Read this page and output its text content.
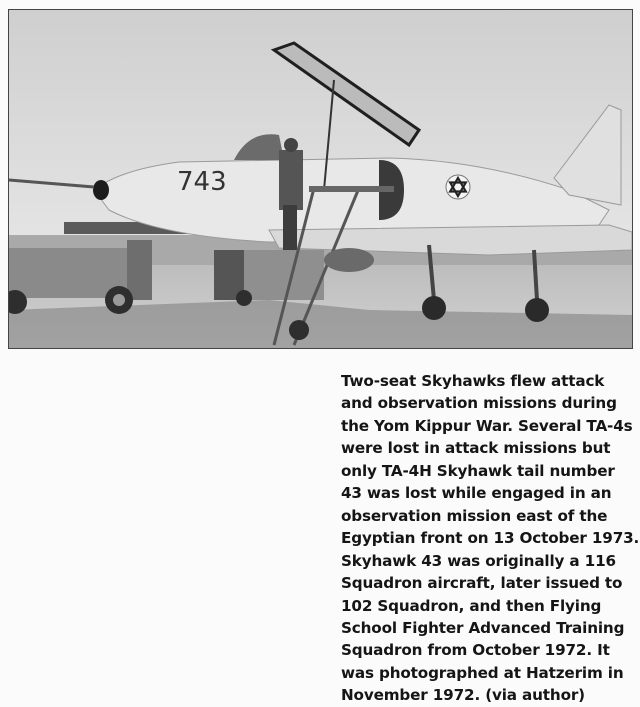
743
Two-seat Skyhawks flew attack
and observation missions during
the Yom Kippur War. Several TA-4s
were lost in attack missions but
only TA-4H Skyhawk tail number
43 was lost while engaged in an
observation mission east of the
Egyptian front on 13 October 1973.
Skyhawk 43 was originally a 116
Squadron aircraft, later issued to
102 Squadron, and then Flying
School Fighter Advanced Training
Squadron from October 1972. It
was photographed at Hatzerim in
November 1972. (via author)
